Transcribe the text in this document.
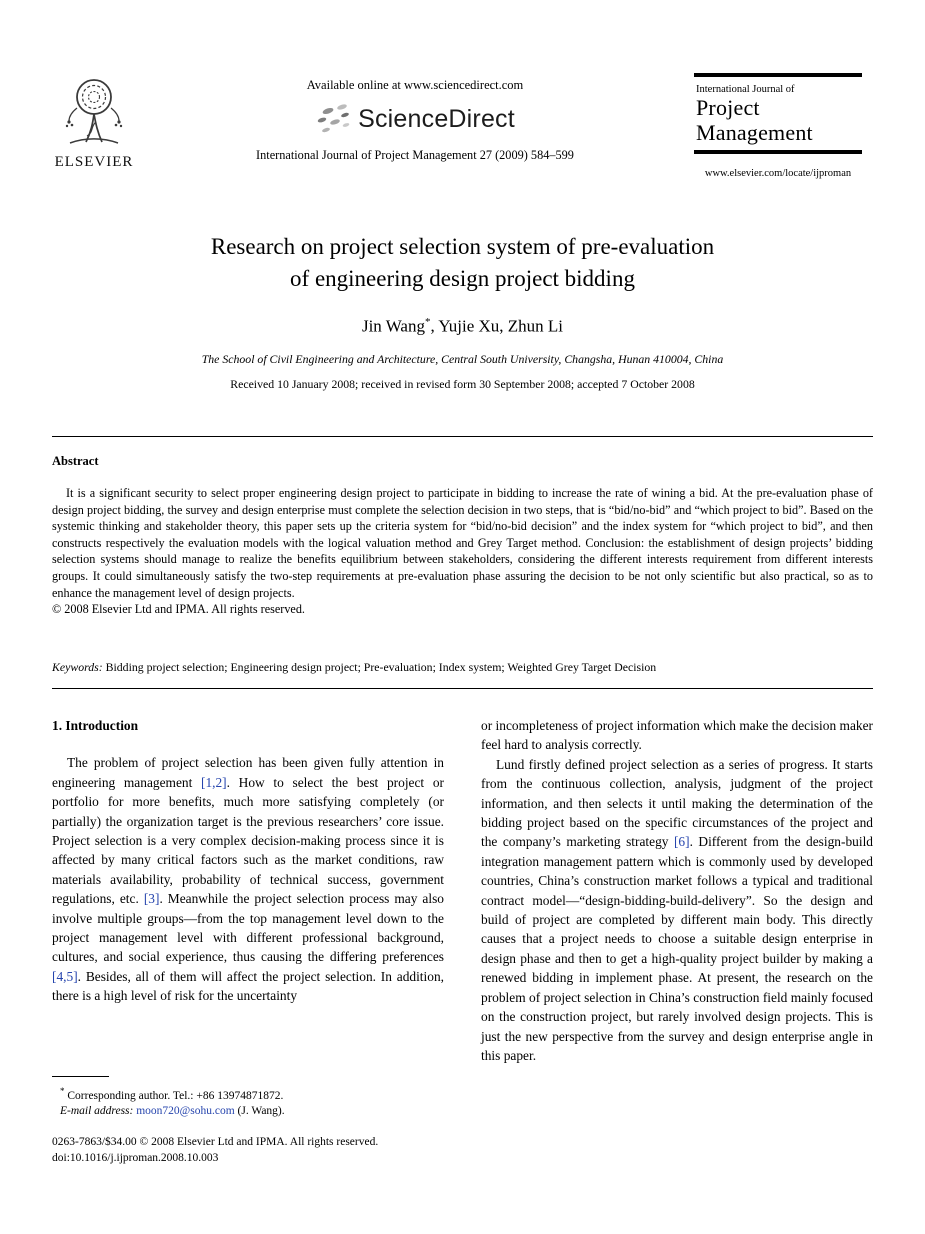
ELSEVIER
Available online at www.sciencedirect.com
ScienceDirect
International Journal of Project Management 27 (2009) 584–599
International Journal of
Project
Management
www.elsevier.com/locate/ijproman
Research on project selection system of pre-evaluation
of engineering design project bidding
Jin Wang*, Yujie Xu, Zhun Li
The School of Civil Engineering and Architecture, Central South University, Changsha, Hunan 410004, China
Received 10 January 2008; received in revised form 30 September 2008; accepted 7 October 2008
Abstract

It is a significant security to select proper engineering design project to participate in bidding to increase the rate of wining a bid. At the pre-evaluation phase of design project bidding, the survey and design enterprise must complete the selection decision in two steps, that is “bid/no-bid” and “which project to bid”. Based on the systemic thinking and stakeholder theory, this paper sets up the criteria system for “bid/no-bid decision” and the index system for “which project to bid”, and then constructs respectively the evaluation models with the logical valuation method and Grey Target method. Conclusion: the establishment of design projects’ bidding selection systems should manage to realize the benefits equilibrium between stakeholders, considering the different interests requirement from different interests groups. It could simultaneously satisfy the two-step requirements at pre-evaluation phase assuring the decision to be not only scientific but also practical, so as to enhance the management level of design projects.

© 2008 Elsevier Ltd and IPMA. All rights reserved.
Keywords: Bidding project selection; Engineering design project; Pre-evaluation; Index system; Weighted Grey Target Decision
1. Introduction

The problem of project selection has been given fully attention in engineering management [1,2]. How to select the best project or portfolio for more benefits, much more satisfying completely (or partially) the organization target is the previous researchers’ core issue. Project selection is a very complex decision-making process since it is affected by many critical factors such as the market conditions, raw materials availability, probability of technical success, government regulations, etc. [3]. Meanwhile the project selection process may also involve multiple groups—from the top management level down to the project management level with different professional background, cultures, and social experience, thus causing the differing preferences [4,5]. Besides, all of them will affect the project selection. In addition, there is a high level of risk for the uncertainty

or incompleteness of project information which make the decision maker feel hard to analysis correctly.

Lund firstly defined project selection as a series of progress. It starts from the continuous collection, analysis, judgment of the project information, and then selects it until making the determination of the bidding project based on the specific circumstances of the project and the company’s marketing strategy [6]. Different from the design-build integration management pattern which is commonly used by developed countries, China’s construction market follows a typical and traditional contract model—“design-bidding-build-delivery”. So the design and build of project are completed by different main body. This directly causes that a project needs to choose a suitable design enterprise in design phase and then to get a high-quality project builder by making a renewed bidding in implement phase. At present, the research on the problem of project selection in China’s construction field mainly focused on the construction project, but rarely involved design projects. This is just the new perspective from the survey and design enterprise angle in this paper.

* Corresponding author. Tel.: +86 13974871872.
E-mail address: moon720@sohu.com (J. Wang).
0263-7863/$34.00 © 2008 Elsevier Ltd and IPMA. All rights reserved.
doi:10.1016/j.ijproman.2008.10.003
